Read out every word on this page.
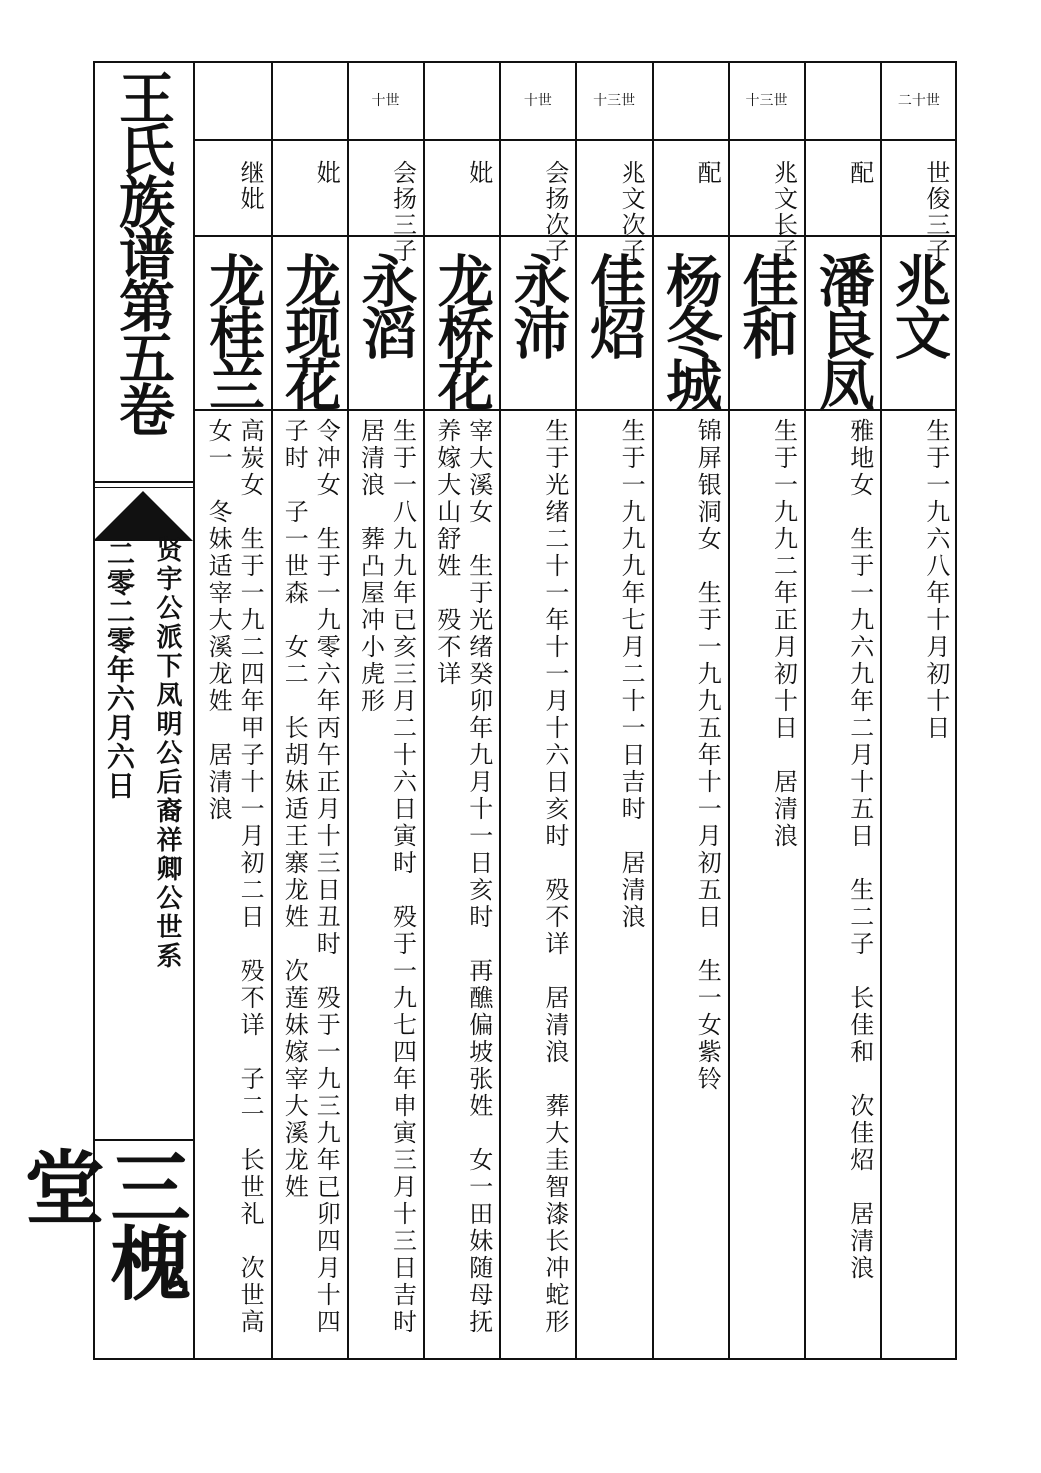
王氏族谱第五卷
贤宇公派下凤明公后裔祥卿公世系
二零二零年六月六日
三槐堂
二十世
世俊三子
兆文
生于一九六八年十月初十日
配
潘良凤
雅地女　生于一九六九年二月十五日　生二子　长佳和　次佳炤　居清浪
十三世
兆文长子
佳和
生于一九九二年正月初十日　居清浪
配
杨冬城
锦屏银洞女　生于一九九五年十一月初五日　生一女紫铃
十三世
兆文次子
佳炤
生于一九九九年七月二十一日吉时　居清浪
十世
会扬次子
永沛
生于光绪二十一年十一月十六日亥时　殁不详　居清浪　葬大圭智漆长冲蛇形
妣
龙桥花
宰大溪女　生于光绪癸卯年九月十一日亥时　再醮偏坡张姓　女一田妹随母抚养嫁大山舒姓　殁不详
十世
会扬三子
永滔
生于一八九九年已亥三月二十六日寅时　殁于一九七四年申寅三月十三日吉时　居清浪　葬凸屋冲小虎形
妣
龙现花
令冲女　生于一九零六年丙午正月十三日丑时　殁于一九三九年已卯四月十四子时　子一世森　女二　长胡妹适王寨龙姓　次莲妹嫁宰大溪龙姓
继妣
龙桂兰
高炭女　生于一九二四年甲子十一月初二日　殁不详　子二　长世礼　次世高　女一　冬妹适宰大溪龙姓　居清浪
